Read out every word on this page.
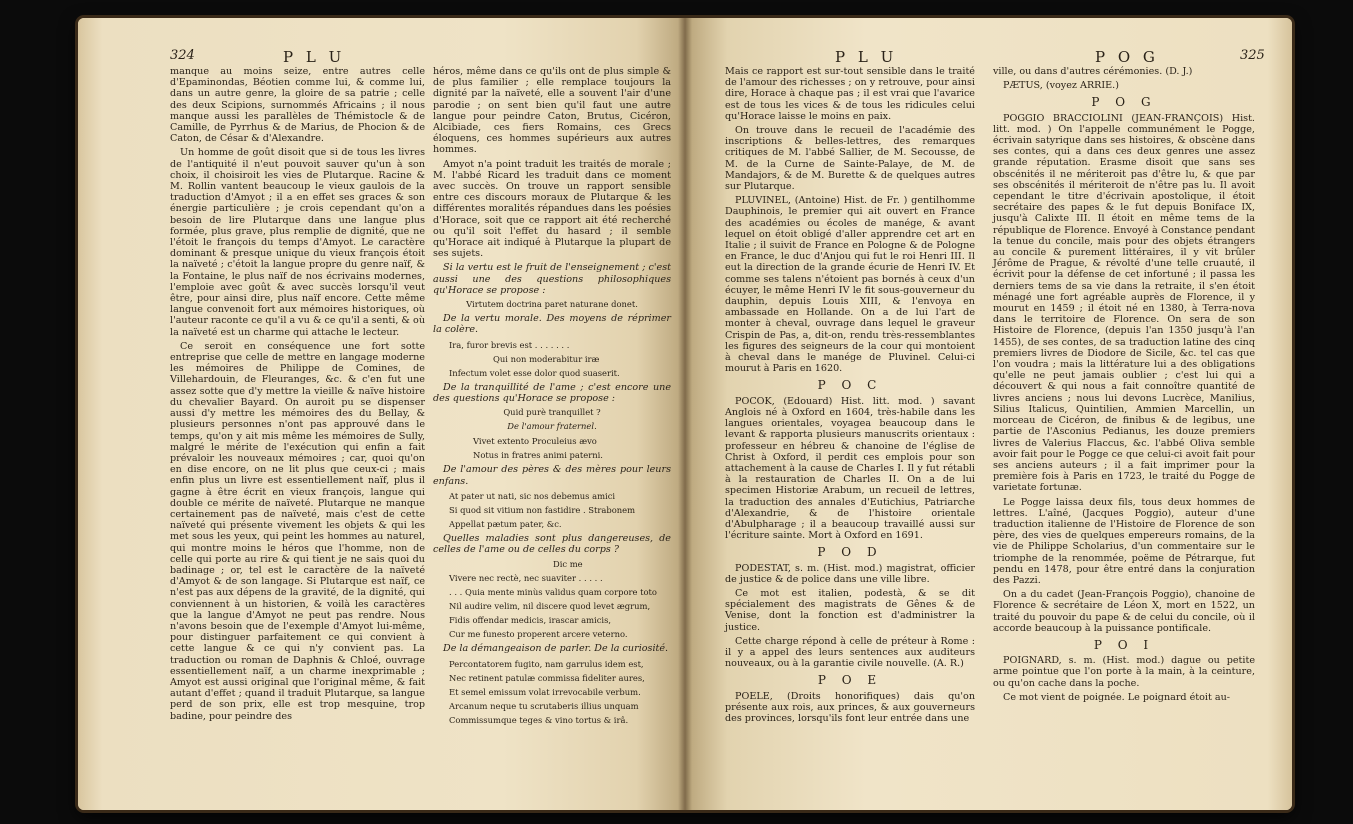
324	P L U

manque au moins seize, entre autres celle d'Epaminondas, Béotien comme lui, & comme lui, dans un autre genre, la gloire de sa patrie ; celle des deux Scipions, surnommés Africains ; il nous manque aussi les parallèles de Thémistocle & de Camille, de Pyrrhus & de Marius, de Phocion & de Caton, de César & d'Alexandre.

Un homme de goût disoit que si de tous les livres de l'antiquité il n'eut pouvoit sauver qu'un à son choix, il choisiroit les vies de Plutarque. Racine & M. Rollin vantent beaucoup le vieux gaulois de la traduction d'Amyot ; il a en effet ses graces & son énergie particulière ; je crois cependant qu'on a besoin de lire Plutarque dans une langue plus formée, plus grave, plus remplie de dignité, que ne l'étoit le françois du temps d'Amyot. Le caractère dominant & presque unique du vieux françois étoit la naïveté ; c'étoit la langue propre du genre naïf, & la Fontaine, le plus naïf de nos écrivains modernes, l'emploie avec goût & avec succès lorsqu'il veut être, pour ainsi dire, plus naïf encore. Cette même langue convenoit fort aux mémoires historiques, où l'auteur raconte ce qu'il a vu & ce qu'il a senti, & où la naïveté est un charme qui attache le lecteur.

Ce seroit en conséquence une fort sotte entreprise que celle de mettre en langage moderne les mémoires de Philippe de Comines, de Villehardouin, de Fleuranges, &c. & c'en fut une assez sotte que d'y mettre la vieille & naïve histoire du chevalier Bayard. On auroit pu se dispenser aussi d'y mettre les mémoires des du Bellay, & plusieurs personnes n'ont pas approuvé dans le temps, qu'on y ait mis même les mémoires de Sully, malgré le mérite de l'exécution qui enfin a fait prévaloir les nouveaux mémoires ; car, quoi qu'on en dise encore, on ne lit plus que ceux-ci ; mais enfin plus un livre est essentiellement naïf, plus il gagne à être écrit en vieux françois, langue qui double ce mérite de naïveté. Plutarque ne manque certainement pas de naïveté, mais c'est de cette naïveté qui présente vivement les objets & qui les met sous les yeux, qui peint les hommes au naturel, qui montre moins le héros que l'homme, non de celle qui porte au rire & qui tient je ne sais quoi du badinage ; or, tel est le caractère de la naïveté d'Amyot & de son langage. Si Plutarque est naïf, ce n'est pas aux dépens de la gravité, de la dignité, qui conviennent à un historien, & voilà les caractères que la langue d'Amyot ne peut pas rendre. Nous n'avons besoin que de l'exemple d'Amyot lui-même, pour distinguer parfaitement ce qui convient à cette langue & ce qui n'y convient pas. La traduction ou roman de Daphnis & Chloé, ouvrage essentiellement naïf, a un charme inexprimable ; Amyot est aussi original que l'original même, & fait autant d'effet ; quand il traduit Plutarque, sa langue perd de son prix, elle est trop mesquine, trop badine, pour peindre des

héros, même dans ce qu'ils ont de plus simple & de plus familier ; elle remplace toujours la dignité par la naïveté, elle a souvent l'air d'une parodie ; on sent bien qu'il faut une autre langue pour peindre Caton, Brutus, Cicéron, Alcibiade, ces fiers Romains, ces Grecs éloquens, ces hommes supérieurs aux autres hommes.

Amyot n'a point traduit les traités de morale ; M. l'abbé Ricard les traduit dans ce moment avec succès. On trouve un rapport sensible entre ces discours moraux de Plutarque & les différentes moralités répandues dans les poésies d'Horace, soit que ce rapport ait été recherché ou qu'il soit l'effet du hasard ; il semble qu'Horace ait indiqué à Plutarque la plupart de ses sujets.

Si la vertu est le fruit de l'enseignement ; c'est aussi une des questions philosophiques qu'Horace se propose :

Virtutem doctrina paret naturane donet.

De la vertu morale. Des moyens de réprimer la colère.

Ira, furor brevis est . . . . . . .
Qui non moderabitur iræ
Infectum volet esse dolor quod suaserit.

De la tranquillité de l'ame ; c'est encore une des questions qu'Horace se propose :

Quid purè tranquillet ?
De l'amour fraternel.
Vivet extento Proculeius ævo
Notus in fratres animi paterni.

De l'amour des pères & des mères pour leurs enfans.

At pater ut nati, sic nos debemus amici
Si quod sit vitium non fastidire . Strabonem
Appellat pætum pater, &c.

Quelles maladies sont plus dangereuses, de celles de l'ame ou de celles du corps ?

Dic me
Vivere nec rectè, nec suaviter . . . . .
. . . Quia mente minùs validus quam corpore toto
Nil audire velim, nil discere quod levet ægrum,
Fidis offendar medicis, irascar amicis,
Cur me funesto properent arcere veterno.

De la démangeaison de parler. De la curiosité.

Percontatorem fugito, nam garrulus idem est,
Nec retinent patulæ commissa fideliter aures,
Et semel emissum volat irrevocabile verbum.
Arcanum neque tu scrutaberis illius unquam
Commissumque teges & vino tortus & irâ.
P L U	P O G	325

Mais ce rapport est sur-tout sensible dans le traité de l'amour des richesses ; on y retrouve, pour ainsi dire, Horace à chaque pas ; il est vrai que l'avarice est de tous les vices & de tous les ridicules celui qu'Horace laisse le moins en paix.

On trouve dans le recueil de l'académie des inscriptions & belles-lettres, des remarques critiques de M. l'abbé Sallier, de M. Secousse, de M. de la Curne de Sainte-Palaye, de M. de Mandajors, & de M. Burette & de quelques autres sur Plutarque.

PLUVINEL, (Antoine) Hist. de Fr. ) gentilhomme Dauphinois, le premier qui ait ouvert en France des académies ou écoles de manége, & avant lequel on étoit obligé d'aller apprendre cet art en Italie ; il suivit de France en Pologne & de Pologne en France, le duc d'Anjou qui fut le roi Henri III. Il eut la direction de la grande écurie de Henri IV. Et comme ses talens n'étoient pas bornés à ceux d'un écuyer, le même Henri IV le fit sous-gouverneur du dauphin, depuis Louis XIII, & l'envoya en ambassade en Hollande. On a de lui l'art de monter à cheval, ouvrage dans lequel le graveur Crispin de Pas, a, dit-on, rendu très-ressemblantes les figures des seigneurs de la cour qui montoient à cheval dans le manége de Pluvinel. Celui-ci mourut à Paris en 1620.

P O C

POCOK, (Edouard) Hist. litt. mod. ) savant Anglois né à Oxford en 1604, très-habile dans les langues orientales, voyagea beaucoup dans le levant & rapporta plusieurs manuscrits orientaux : professeur en hébreu & chanoine de l'église de Christ à Oxford, il perdit ces emplois pour son attachement à la cause de Charles I. Il y fut rétabli à la restauration de Charles II. On a de lui specimen Historiæ Arabum, un recueil de lettres, la traduction des annales d'Eutichius, Patriarche d'Alexandrie, & de l'histoire orientale d'Abulpharage ; il a beaucoup travaillé aussi sur l'écriture sainte. Mort à Oxford en 1691.

P O D

PODESTAT, s. m. (Hist. mod.) magistrat, officier de justice & de police dans une ville libre.

Ce mot est italien, podestà, & se dit spécialement des magistrats de Gênes & de Venise, dont la fonction est d'administrer la justice.

Cette charge répond à celle de préteur à Rome : il y a appel des leurs sentences aux auditeurs nouveaux, ou à la garantie civile nouvelle. (A. R.)

P O E

POELE, (Droits honorifiques) dais qu'on présente aux rois, aux princes, & aux gouverneurs des provinces, lorsqu'ils font leur entrée dans une

ville, ou dans d'autres cérémonies. (D. J.)

PÆTUS, (voyez ARRIE.)

P O G

POGGIO BRACCIOLINI (JEAN-FRANÇOIS) Hist. litt. mod. ) On l'appelle communément le Pogge, écrivain satyrique dans ses histoires, & obscène dans ses contes, qui a dans ces deux genres une assez grande réputation. Erasme disoit que sans ses obscénités il ne mériteroit pas d'être lu, & que par ses obscénités il mériteroit de n'être pas lu. Il avoit cependant le titre d'écrivain apostolique, il étoit secrétaire des papes & le fut depuis Boniface IX, jusqu'à Calixte III. Il étoit en même tems de la république de Florence. Envoyé à Constance pendant la tenue du concile, mais pour des objets étrangers au concile & purement littéraires, il y vit brûler Jérôme de Prague, & révolté d'une telle cruauté, il écrivit pour la défense de cet infortuné ; il passa les derniers tems de sa vie dans la retraite, il s'en étoit ménagé une fort agréable auprès de Florence, il y mourut en 1459 ; il étoit né en 1380, à Terra-nova dans le territoire de Florence. On sera de son Histoire de Florence, (depuis l'an 1350 jusqu'à l'an 1455), de ses contes, de sa traduction latine des cinq premiers livres de Diodore de Sicile, &c. tel cas que l'on voudra ; mais la littérature lui a des obligations qu'elle ne peut jamais oublier ; c'est lui qui a découvert & qui nous a fait connoître quantité de livres anciens ; nous lui devons Lucrèce, Manilius, Silius Italicus, Quintilien, Ammien Marcellin, un morceau de Cicéron, de finibus & de legibus, une partie de l'Asconius Pedianus, les douze premiers livres de Valerius Flaccus, &c. l'abbé Oliva semble avoir fait pour le Pogge ce que celui-ci avoit fait pour ses anciens auteurs ; il a fait imprimer pour la première fois à Paris en 1723, le traité du Pogge de varietate fortunæ.

Le Pogge laissa deux fils, tous deux hommes de lettres. L'aîné, (Jacques Poggio), auteur d'une traduction italienne de l'Histoire de Florence de son père, des vies de quelques empereurs romains, de la vie de Philippe Scholarius, d'un commentaire sur le triomphe de la renommée, poëme de Pétrarque, fut pendu en 1478, pour être entré dans la conjuration des Pazzi.

On a du cadet (Jean-François Poggio), chanoine de Florence & secrétaire de Léon X, mort en 1522, un traité du pouvoir du pape & de celui du concile, où il accorde beaucoup à la puissance pontificale.

P O I

POIGNARD, s. m. (Hist. mod.) dague ou petite arme pointue que l'on porte à la main, à la ceinture, ou qu'on cache dans la poche.

Ce mot vient de poignée. Le poignard étoit au-
